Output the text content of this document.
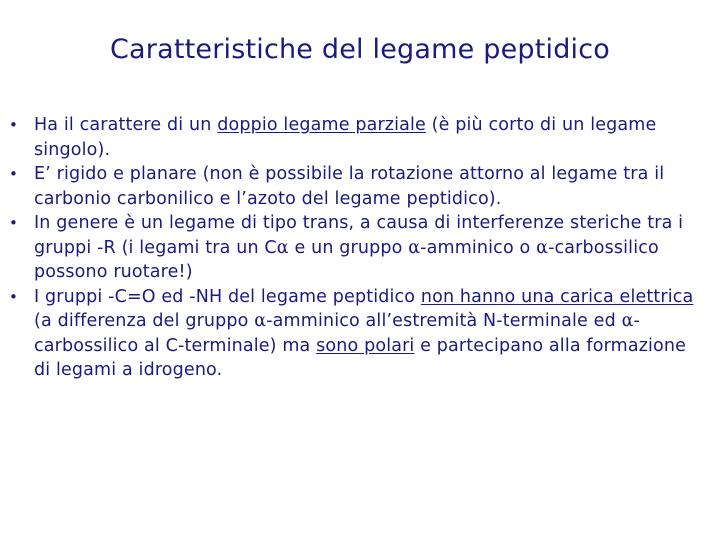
Caratteristiche del legame peptidico
• Ha il carattere di un doppio legame parziale (è più corto di un legame singolo).
• E’ rigido e planare (non è possibile la rotazione attorno al legame tra il carbonio carbonilico e l’azoto del legame peptidico).
• In genere è un legame di tipo trans, a causa di interferenze steriche tra i gruppi -R (i legami tra un Cα e un gruppo α-amminico o α-carbossilico possono ruotare!)
• I gruppi -C=O ed -NH del legame peptidico non hanno una carica elettrica (a differenza del gruppo α-amminico all’estremità N-terminale ed α-carbossilico al C-terminale) ma sono polari e partecipano alla formazione di legami a idrogeno.
